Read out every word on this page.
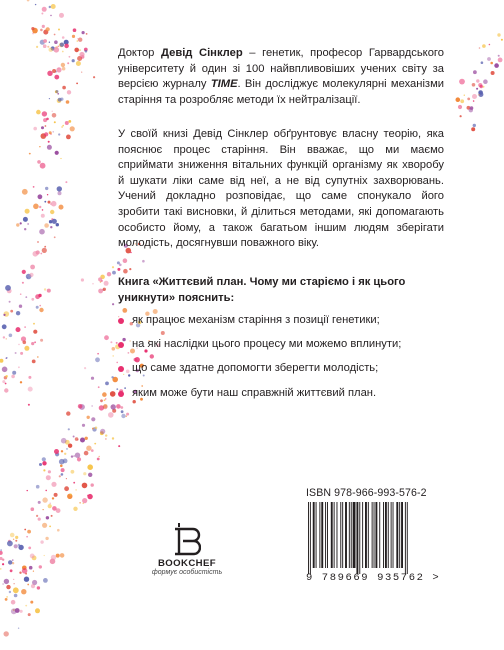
Доктор Девід Сінклер – генетик, професор Гарвардського університету й один зі 100 найвпливовіших учених світу за версією журналу TIME. Він досліджує молекулярні механізми старіння та розробляє методи їх нейтралізації.
У своїй книзі Девід Сінклер обґрунтовує власну теорію, яка пояснює процес старіння. Він вважає, що ми маємо сприймати зниження вітальних функцій організму як хворобу й шукати ліки саме від неї, а не від супутніх захворювань. Учений докладно розповідає, що саме спонукало його зробити такі висновки, й ділиться методами, які допомагають особисто йому, а також багатьом іншим людям зберігати молодість, досягнувши поважного віку.
Книга «Життєвий план. Чому ми старіємо і як цього уникнути» пояснить:
як працює механізм старіння з позиції генетики;
на які наслідки цього процесу ми можемо вплинути;
що саме здатне допомогти зберегти молодість;
яким може бути наш справжній життєвий план.
BOOKCHEF
формує особистість
ISBN 978-966-993-576-2
9 789669 935762 >
